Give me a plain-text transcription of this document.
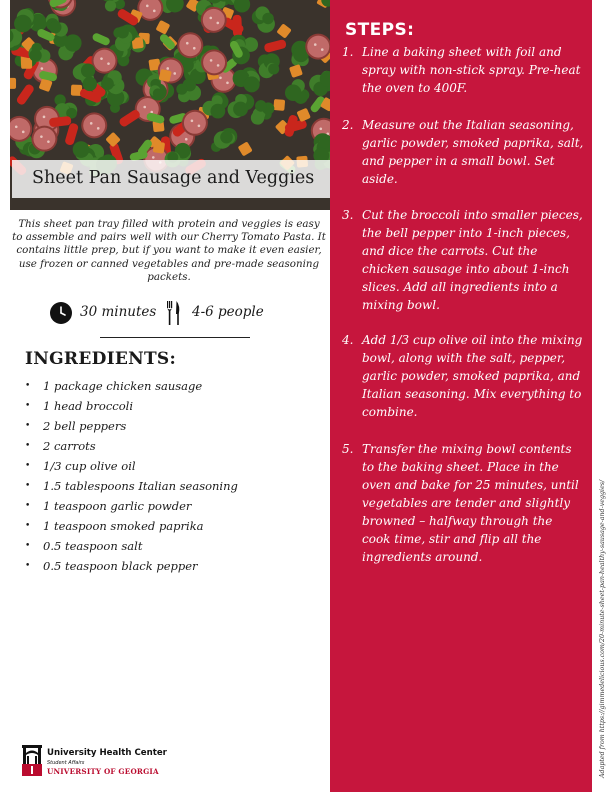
Sheet Pan Sausage and Veggies
This sheet pan tray filled with protein and veggies is easy to assemble and pairs well with our Cherry Tomato Pasta. It contains little prep, but if you want to make it even easier, use frozen or canned vegetables and pre-made seasoning packets.
30 minutes	4-6 people
INGREDIENTS:
• 1 package chicken sausage
• 1 head broccoli
• 2 bell peppers
• 2 carrots
• 1/3 cup olive oil
• 1.5 tablespoons Italian seasoning
• 1 teaspoon garlic powder
• 1 teaspoon smoked paprika
• 0.5 teaspoon salt
• 0.5 teaspoon black pepper
University Health Center
Student Affairs
UNIVERSITY OF GEORGIA
STEPS:
1. Line a baking sheet with foil and spray with non-stick spray. Pre-heat the oven to 400F.
2. Measure out the Italian seasoning, garlic powder, smoked paprika, salt, and pepper in a small bowl. Set aside.
3. Cut the broccoli into smaller pieces, the bell pepper into 1-inch pieces, and dice the carrots. Cut the chicken sausage into about 1-inch slices. Add all ingredients into a mixing bowl.
4. Add 1/3 cup olive oil into the mixing bowl, along with the salt, pepper, garlic powder, smoked paprika, and Italian seasoning. Mix everything to combine.
5. Transfer the mixing bowl contents to the baking sheet. Place in the oven and bake for 25 minutes, until vegetables are tender and slightly browned – halfway through the cook time, stir and flip all the ingredients around.	Adapted from https://gimmedelicious.com/20-minute-sheet-pan-healthy-sausage-and-veggies/
